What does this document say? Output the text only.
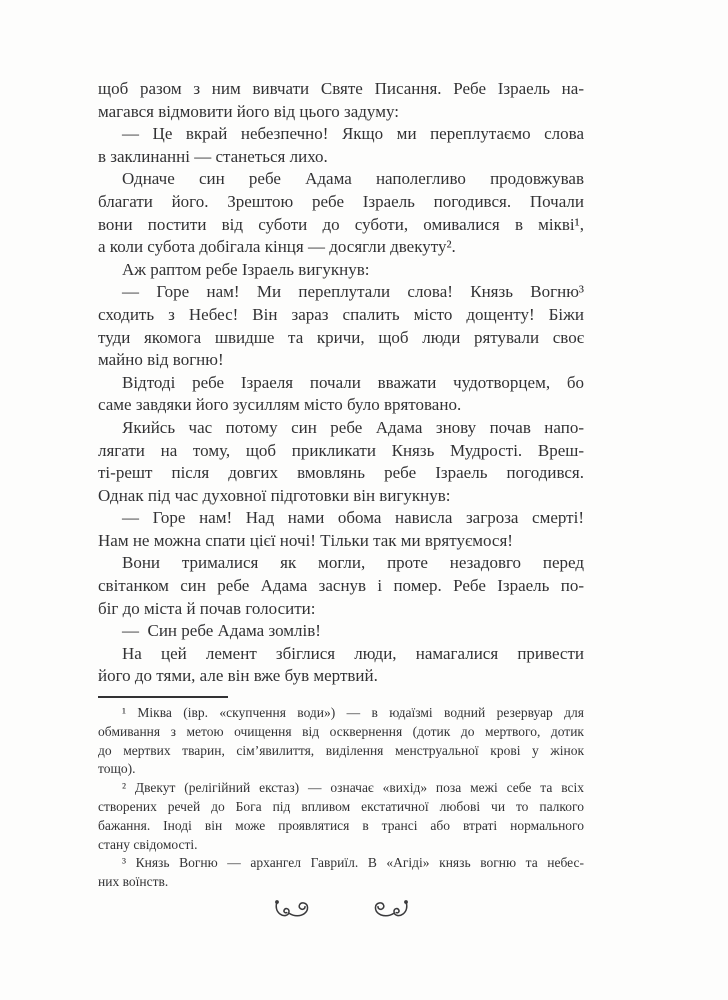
щоб разом з ним вивчати Святе Писання. Ребе Ізраель на-
магався відмовити його від цього задуму:
— Це вкрай небезпечно! Якщо ми переплутаємо слова
в заклинанні — станеться лихо.
Одначе син ребе Адама наполегливо продовжував
благати його. Зрештою ребе Ізраель погодився. Почали
вони постити від суботи до суботи, омивалися в мікві¹,
а коли субота добігала кінця — досягли двекуту².
Аж раптом ребе Ізраель вигукнув:
— Горе нам! Ми переплутали слова! Князь Вогню³
сходить з Небес! Він зараз спалить місто дощенту! Біжи
туди якомога швидше та кричи, щоб люди рятували своє
майно від вогню!
Відтоді ребе Ізраеля почали вважати чудотворцем, бо
саме завдяки його зусиллям місто було врятовано.
Якийсь час потому син ребе Адама знову почав напо-
лягати на тому, щоб прикликати Князь Мудрості. Вреш-
ті-решт після довгих вмовлянь ребе Ізраель погодився.
Однак під час духовної підготовки він вигукнув:
— Горе нам! Над нами обома нависла загроза смерті!
Нам не можна спати цієї ночі! Тільки так ми врятуємося!
Вони трималися як могли, проте незадовго перед
світанком син ребе Адама заснув і помер. Ребе Ізраель по-
біг до міста й почав голосити:
— Син ребе Адама зомлів!
На цей лемент збіглися люди, намагалися привести
його до тями, але він вже був мертвий.
¹ Міква (івр. «скупчення води») — в юдаїзмі водний резервуар для
обмивання з метою очищення від осквернення (дотик до мертвого, дотик
до мертвих тварин, сім’явилиття, виділення менструальної крові у жінок
тощо).
² Двекут (релігійний екстаз) — означає «вихід» поза межі себе та всіх
створених речей до Бога під впливом екстатичної любові чи то палкого
бажання. Іноді він може проявлятися в трансі або втраті нормального
стану свідомості.
³ Князь Вогню — архангел Гавриїл. В «Агіді» князь вогню та небес-
них воїнств.
